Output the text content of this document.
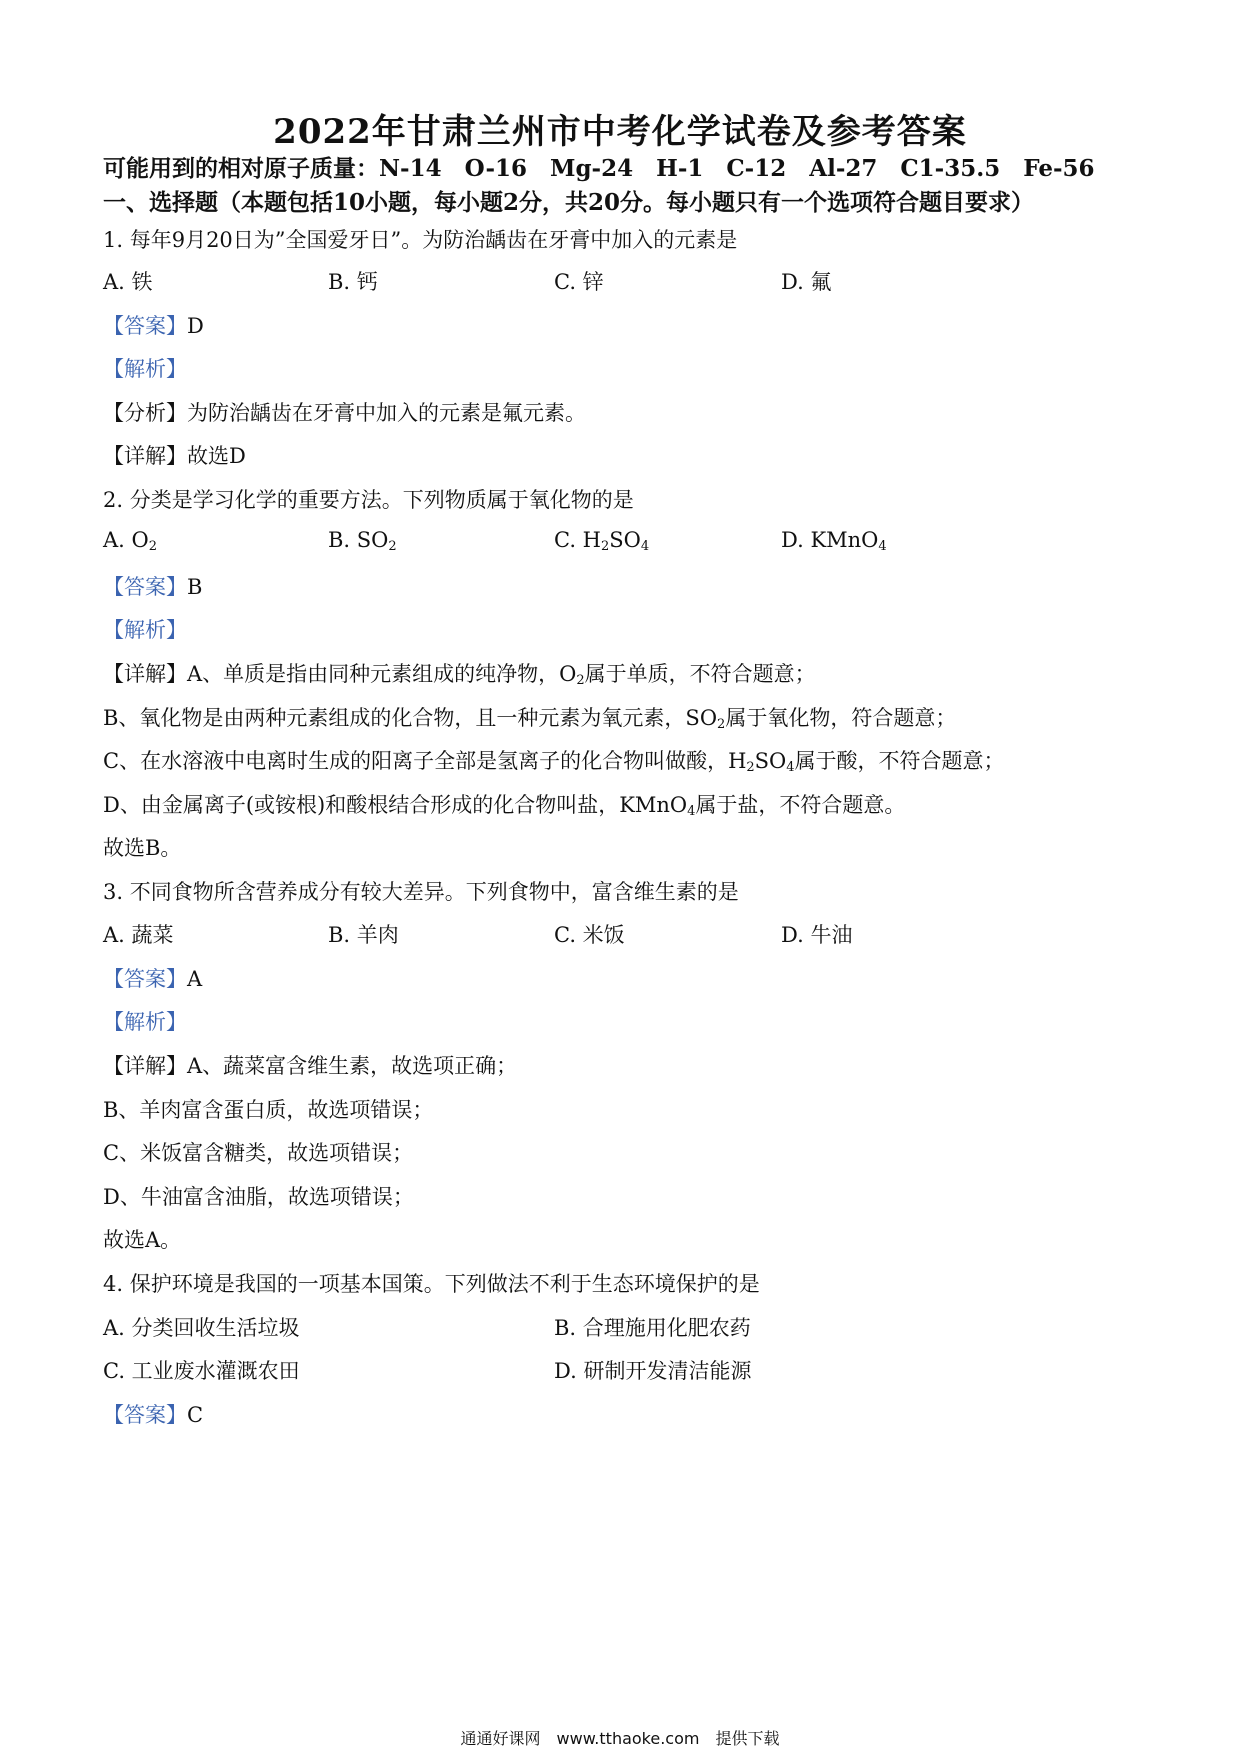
2022年甘肃兰州市中考化学试卷及参考答案
可能用到的相对原子质量：N-14　O-16　Mg-24　H-1　C-12　Al-27　C1-35.5　Fe-56
一、选择题（本题包括10小题，每小题2分，共20分。每小题只有一个选项符合题目要求）
1. 每年9月20日为”全国爱牙日”。为防治龋齿在牙膏中加入的元素是
A. 铁	B. 钙	C. 锌	D. 氟
【答案】D
【解析】
【分析】为防治龋齿在牙膏中加入的元素是氟元素。
【详解】故选D
2. 分类是学习化学的重要方法。下列物质属于氧化物的是
A. $O_2$	B. $SO_2$	C. $H_2SO_4$	D. KMnO$_4$
【答案】B
【解析】
【详解】A、单质是指由同种元素组成的纯净物，$O_2$属于单质，不符合题意；
B、氧化物是由两种元素组成的化合物，且一种元素为氧元素，$SO_2$属于氧化物，符合题意；
C、在水溶液中电离时生成的阳离子全部是氢离子的化合物叫做酸，$H_2SO_4$属于酸，不符合题意；
D、由金属离子(或铵根)和酸根结合形成的化合物叫盐，KMnO$_4$属于盐，不符合题意。
故选B。
3. 不同食物所含营养成分有较大差异。下列食物中，富含维生素的是
A. 蔬菜	B. 羊肉	C. 米饭	D. 牛油
【答案】A
【解析】
【详解】A、蔬菜富含维生素，故选项正确；
B、羊肉富含蛋白质，故选项错误；
C、米饭富含糖类，故选项错误；
D、牛油富含油脂，故选项错误；
故选A。
4. 保护环境是我国的一项基本国策。下列做法不利于生态环境保护的是
A. 分类回收生活垃圾	B. 合理施用化肥农药
C. 工业废水灌溉农田	D. 研制开发清洁能源
【答案】C
通通好课网　www.tthaoke.com　提供下载
